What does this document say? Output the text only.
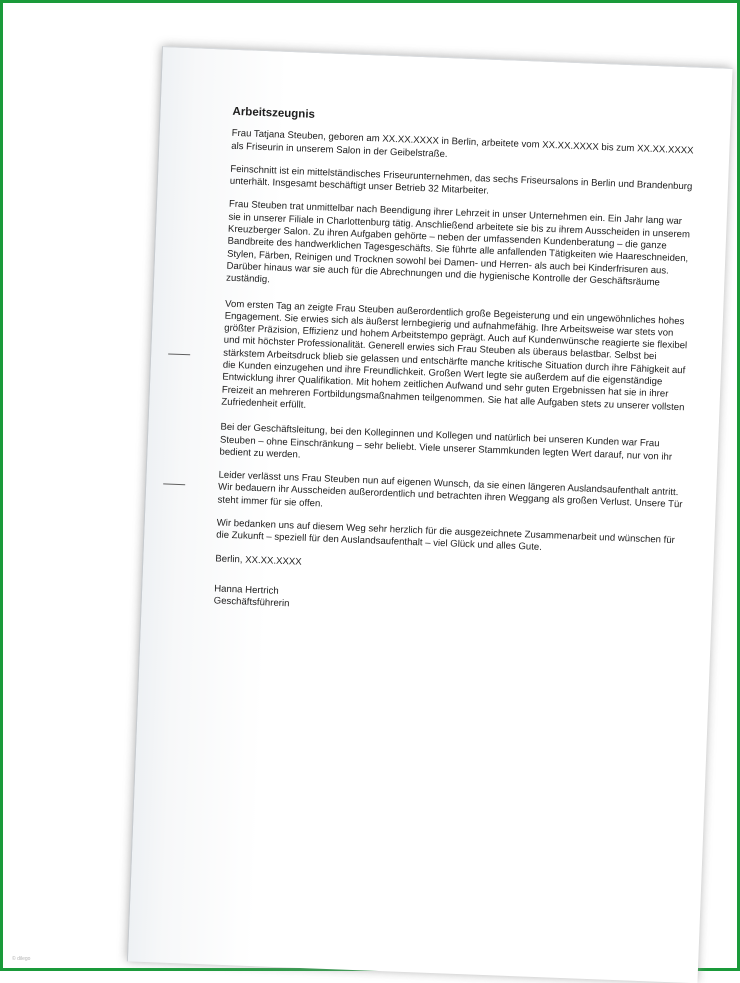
Arbeitszeugnis

Frau Tatjana Steuben, geboren am XX.XX.XXXX in Berlin, arbeitete vom XX.XX.XXXX bis zum XX.XX.XXXX als Friseurin in unserem Salon in der Geibelstraße.

Feinschnitt ist ein mittelständisches Friseurunternehmen, das sechs Friseursalons in Berlin und Brandenburg unterhält. Insgesamt beschäftigt unser Betrieb 32 Mitarbeiter.

Frau Steuben trat unmittelbar nach Beendigung ihrer Lehrzeit in unser Unternehmen ein. Ein Jahr lang war sie in unserer Filiale in Charlottenburg tätig. Anschließend arbeitete sie bis zu ihrem Ausscheiden in unserem Kreuzberger Salon. Zu ihren Aufgaben gehörte – neben der umfassenden Kundenberatung – die ganze Bandbreite des handwerklichen Tagesgeschäfts. Sie führte alle anfallenden Tätigkeiten wie Haareschneiden, Stylen, Färben, Reinigen und Trocknen sowohl bei Damen- und Herren- als auch bei Kinderfrisuren aus. Darüber hinaus war sie auch für die Abrechnungen und die hygienische Kontrolle der Geschäftsräume zuständig.

Vom ersten Tag an zeigte Frau Steuben außerordentlich große Begeisterung und ein ungewöhnliches hohes Engagement. Sie erwies sich als äußerst lernbegierig und aufnahmefähig. Ihre Arbeitsweise war stets von größter Präzision, Effizienz und hohem Arbeitstempo geprägt. Auch auf Kundenwünsche reagierte sie flexibel und mit höchster Professionalität. Generell erwies sich Frau Steuben als überaus belastbar. Selbst bei stärkstem Arbeitsdruck blieb sie gelassen und entschärfte manche kritische Situation durch ihre Fähigkeit auf die Kunden einzugehen und ihre Freundlichkeit. Großen Wert legte sie außerdem auf die eigenständige Entwicklung ihrer Qualifikation. Mit hohem zeitlichen Aufwand und sehr guten Ergebnissen hat sie in ihrer Freizeit an mehreren Fortbildungsmaßnahmen teilgenommen. Sie hat alle Aufgaben stets zu unserer vollsten Zufriedenheit erfüllt.

Bei der Geschäftsleitung, bei den Kolleginnen und Kollegen und natürlich bei unseren Kunden war Frau Steuben – ohne Einschränkung – sehr beliebt. Viele unserer Stammkunden legten Wert darauf, nur von ihr bedient zu werden.

Leider verlässt uns Frau Steuben nun auf eigenen Wunsch, da sie einen längeren Auslandsaufenthalt antritt. Wir bedauern ihr Ausscheiden außerordentlich und betrachten ihren Weggang als großen Verlust. Unsere Tür steht immer für sie offen.

Wir bedanken uns auf diesem Weg sehr herzlich für die ausgezeichnete Zusammenarbeit und wünschen für die Zukunft – speziell für den Auslandsaufenthalt – viel Glück und alles Gute.

Berlin, XX.XX.XXXX
Hanna Hertrich
Geschäftsführerin
© dilego
